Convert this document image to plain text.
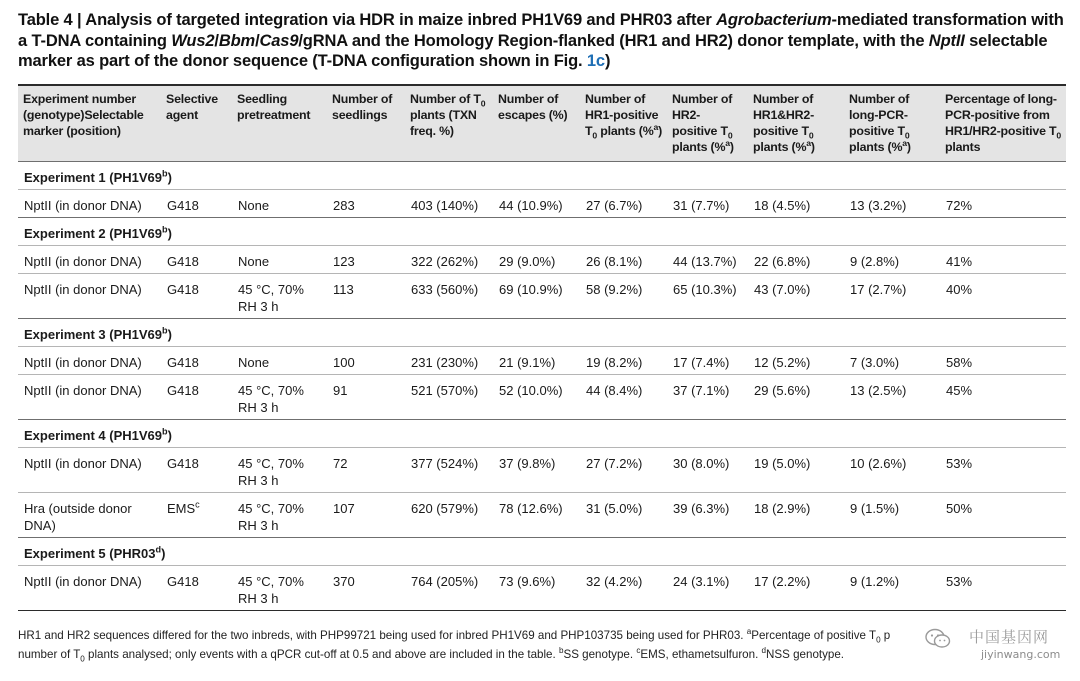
Table 4 | Analysis of targeted integration via HDR in maize inbred PH1V69 and PHR03 after Agrobacterium-mediated transformation with a T-DNA containing Wus2/Bbm/Cas9/gRNA and the Homology Region-flanked (HR1 and HR2) donor template, with the NptII selectable marker as part of the donor sequence (T-DNA configuration shown in Fig. 1c)
Experiment number (genotype)Selectable marker (position)	Selective agent	Seedling pretreatment	Number of seedlings	Number of $T_0$ plants (TXN freq. %)	Number of escapes (%)	Number of HR1-positive $T_0$ plants (%$^a$)	Number of HR2-positive $T_0$ plants (%$^a$)	Number of HR1&HR2-positive $T_0$ plants (%$^a$)	Number of long-PCR-positive $T_0$ plants (%$^a$)	Percentage of long-PCR-positive from HR1/HR2-positive $T_0$ plants
Experiment 1 (PH1V69$^b$)										
NptII (in donor DNA)	G418	None	283	403 (140%)	44 (10.9%)	27 (6.7%)	31 (7.7%)	18 (4.5%)	13 (3.2%)	72%
Experiment 2 (PH1V69$^b$)										
NptII (in donor DNA)	G418	None	123	322 (262%)	29 (9.0%)	26 (8.1%)	44 (13.7%)	22 (6.8%)	9 (2.8%)	41%
NptII (in donor DNA)	G418	45 °C, 70% RH 3 h	113	633 (560%)	69 (10.9%)	58 (9.2%)	65 (10.3%)	43 (7.0%)	17 (2.7%)	40%
Experiment 3 (PH1V69$^b$)										
NptII (in donor DNA)	G418	None	100	231 (230%)	21 (9.1%)	19 (8.2%)	17 (7.4%)	12 (5.2%)	7 (3.0%)	58%
NptII (in donor DNA)	G418	45 °C, 70% RH 3 h	91	521 (570%)	52 (10.0%)	44 (8.4%)	37 (7.1%)	29 (5.6%)	13 (2.5%)	45%
Experiment 4 (PH1V69$^b$)										
NptII (in donor DNA)	G418	45 °C, 70% RH 3 h	72	377 (524%)	37 (9.8%)	27 (7.2%)	30 (8.0%)	19 (5.0%)	10 (2.6%)	53%
Hra (outside donor DNA)	EMS$^c$	45 °C, 70% RH 3 h	107	620 (579%)	78 (12.6%)	31 (5.0%)	39 (6.3%)	18 (2.9%)	9 (1.5%)	50%
Experiment 5 (PHR03$^d$)										
NptII (in donor DNA)	G418	45 °C, 70% RH 3 h	370	764 (205%)	73 (9.6%)	32 (4.2%)	24 (3.1%)	17 (2.2%)	9 (1.2%)	53%
HR1 and HR2 sequences differed for the two inbreds, with PHP99721 being used for inbred PH1V69 and PHP103735 being used for PHR03. $^a$Percentage of positive $T_0$ p
number of $T_0$ plants analysed; only events with a qPCR cut-off at 0.5 and above are included in the table. $^b$SS genotype. $^c$EMS, ethametsulfuron. $^d$NSS genotype.
中国基因网
jiyinwang.com
